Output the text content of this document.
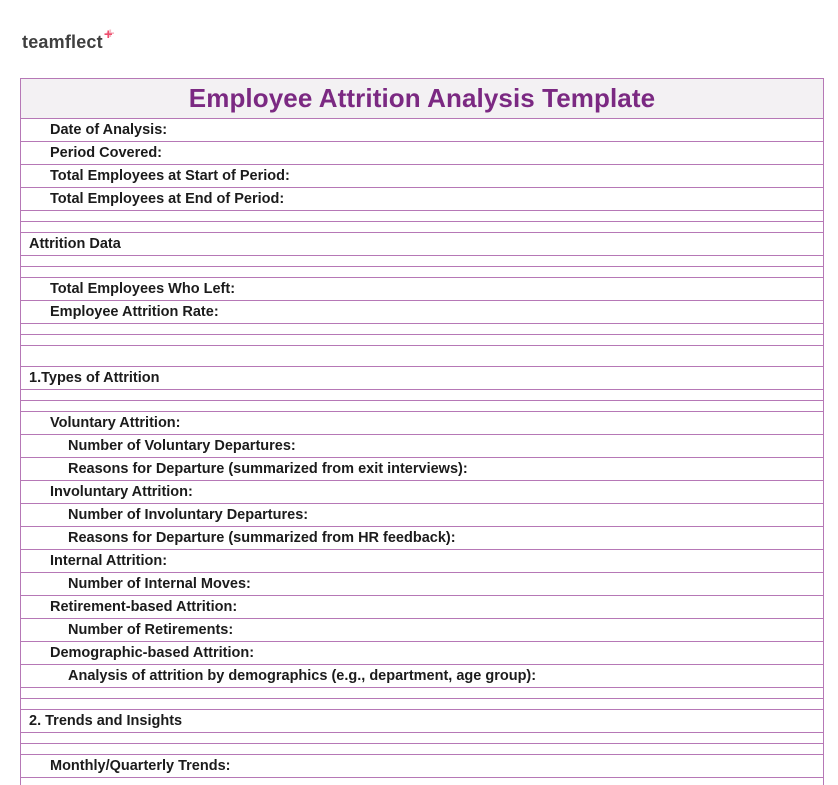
teamflect +
Employee Attrition Analysis Template
Date of Analysis:
Period Covered:
Total Employees at Start of Period:
Total Employees at End of Period:
Attrition Data
Total Employees Who Left:
Employee Attrition Rate:
1.Types of Attrition
Voluntary Attrition:
Number of Voluntary Departures:
Reasons for Departure (summarized from exit interviews):
Involuntary Attrition:
Number of Involuntary Departures:
Reasons for Departure (summarized from HR feedback):
Internal Attrition:
Number of Internal Moves:
Retirement-based Attrition:
Number of Retirements:
Demographic-based Attrition:
Analysis of attrition by demographics (e.g., department, age group):
2. Trends and Insights
Monthly/Quarterly Trends:
